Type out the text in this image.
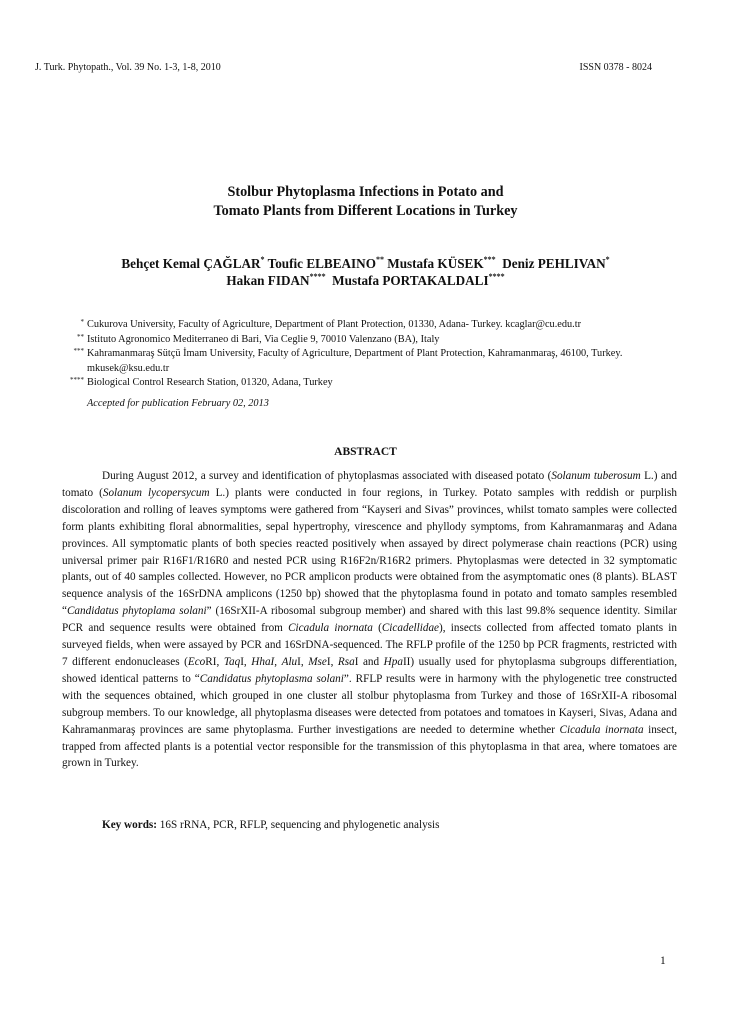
J. Turk. Phytopath., Vol. 39 No. 1-3, 1-8, 2010	ISSN 0378 - 8024
Stolbur Phytoplasma Infections in Potato and
Tomato Plants from Different Locations in Turkey
Behçet Kemal ÇAĞLAR* Toufic ELBEAINO** Mustafa KÜSEK*** Deniz PEHLIVAN*
Hakan FIDAN**** Mustafa PORTAKALDALI****
* Cukurova University, Faculty of Agriculture, Department of Plant Protection, 01330, Adana- Turkey. kcaglar@cu.edu.tr
** Istituto Agronomico Mediterraneo di Bari, Via Ceglie 9, 70010 Valenzano (BA), Italy
*** Kahramanmaraş Sütçü İmam University, Faculty of Agriculture, Department of Plant Protection, Kahramanmaraş, 46100, Turkey. mkusek@ksu.edu.tr
**** Biological Control Research Station, 01320, Adana, Turkey
Accepted for publication February 02, 2013
ABSTRACT

During August 2012, a survey and identification of phytoplasmas associated with diseased potato (Solanum tuberosum L.) and tomato (Solanum lycopersycum L.) plants were conducted in four regions, in Turkey. Potato samples with reddish or purplish discoloration and rolling of leaves symptoms were gathered from “Kayseri and Sivas” provinces, whilst tomato samples were collected form plants exhibiting floral abnormalities, sepal hypertrophy, virescence and phyllody symptoms, from Kahramanmaraş and Adana provinces. All symptomatic plants of both species reacted positively when assayed by direct polymerase chain reactions (PCR) using universal primer pair R16F1/R16R0 and nested PCR using R16F2n/R16R2 primers. Phytoplasmas were detected in 32 symptomatic plants, out of 40 samples collected. However, no PCR amplicon products were obtained from the asymptomatic ones (8 plants). BLAST sequence analysis of the 16SrDNA amplicons (1250 bp) showed that the phytoplasma found in potato and tomato samples resembled “Candidatus phytoplama solani” (16SrXII-A ribosomal subgroup member) and shared with this last 99.8% sequence identity. Similar PCR and sequence results were obtained from Cicadula inornata (Cicadellidae), insects collected from affected tomato plants in surveyed fields, when were assayed by PCR and 16SrDNA-sequenced. The RFLP profile of the 1250 bp PCR fragments, restricted with 7 different endonucleases (EcoRI, TaqI, HhaI, AluI, MseI, RsaI and HpaII) usually used for phytoplasma subgroups differentiation, showed identical patterns to “Candidatus phytoplasma solani”. RFLP results were in harmony with the phylogenetic tree constructed with the sequences obtained, which grouped in one cluster all stolbur phytoplasma from Turkey and those of 16SrXII-A ribosomal subgroup members. To our knowledge, all phytoplasma diseases were detected from potatoes and tomatoes in Kayseri, Sivas, Adana and Kahramanmaraş provinces are same phytoplasma. Further investigations are needed to determine whether Cicadula inornata insect, trapped from affected plants is a potential vector responsible for the transmission of this phytoplasma in that area, where tomatoes are grown in Turkey.

Key words: 16S rRNA, PCR, RFLP, sequencing and phylogenetic analysis
1
